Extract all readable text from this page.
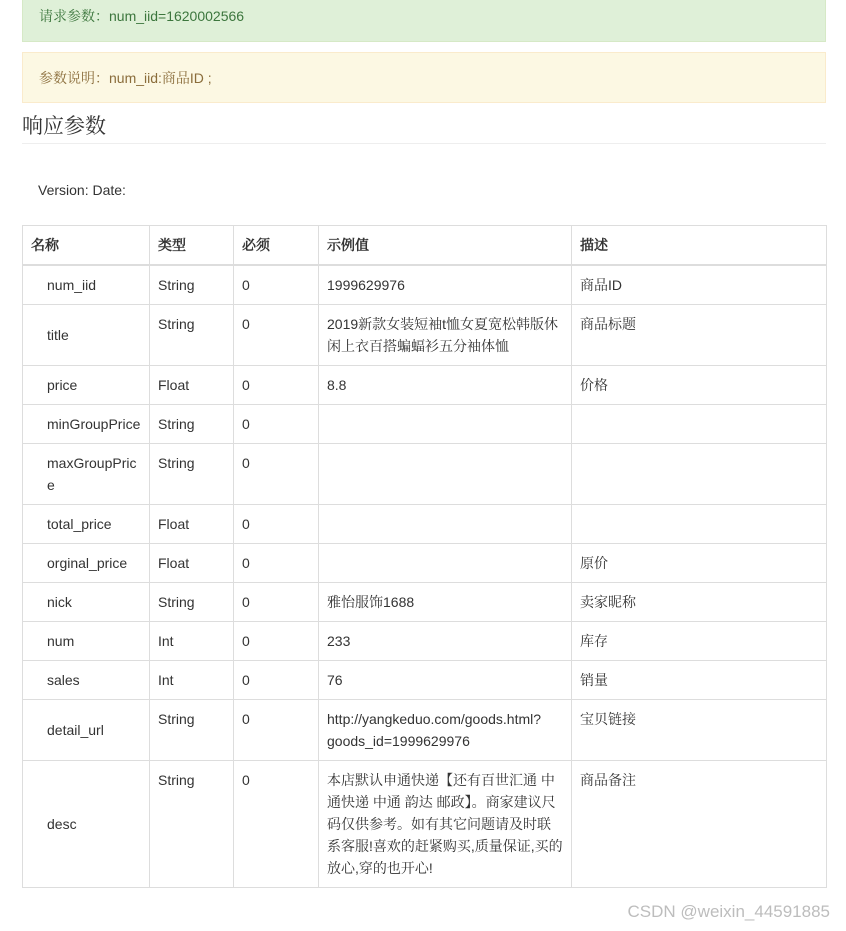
请求参数：num_iid=1620002566
参数说明：num_iid:商品ID ;
响应参数
Version: Date:
名称	类型	必须	示例值	描述
num_iid	String	0	1999629976	商品ID
title	String	0	2019新款女装短袖t恤女夏宽松韩版休闲上衣百搭蝙蝠衫五分袖体恤	商品标题
price	Float	0	8.8	价格
minGroupPrice	String	0		
maxGroupPrice	String	0		
total_price	Float	0		
orginal_price	Float	0		原价
nick	String	0	雅怡服饰1688	卖家昵称
num	Int	0	233	库存
sales	Int	0	76	销量
detail_url	String	0	http://yangkeduo.com/goods.html?goods_id=1999629976	宝贝链接
desc	String	0	本店默认申通快递【还有百世汇通 中通快递 中通 韵达 邮政】。商家建议尺码仅供参考。如有其它问题请及时联系客服!喜欢的赶紧购买,质量保证,买的放心,穿的也开心!	商品备注
CSDN @weixin_44591885
